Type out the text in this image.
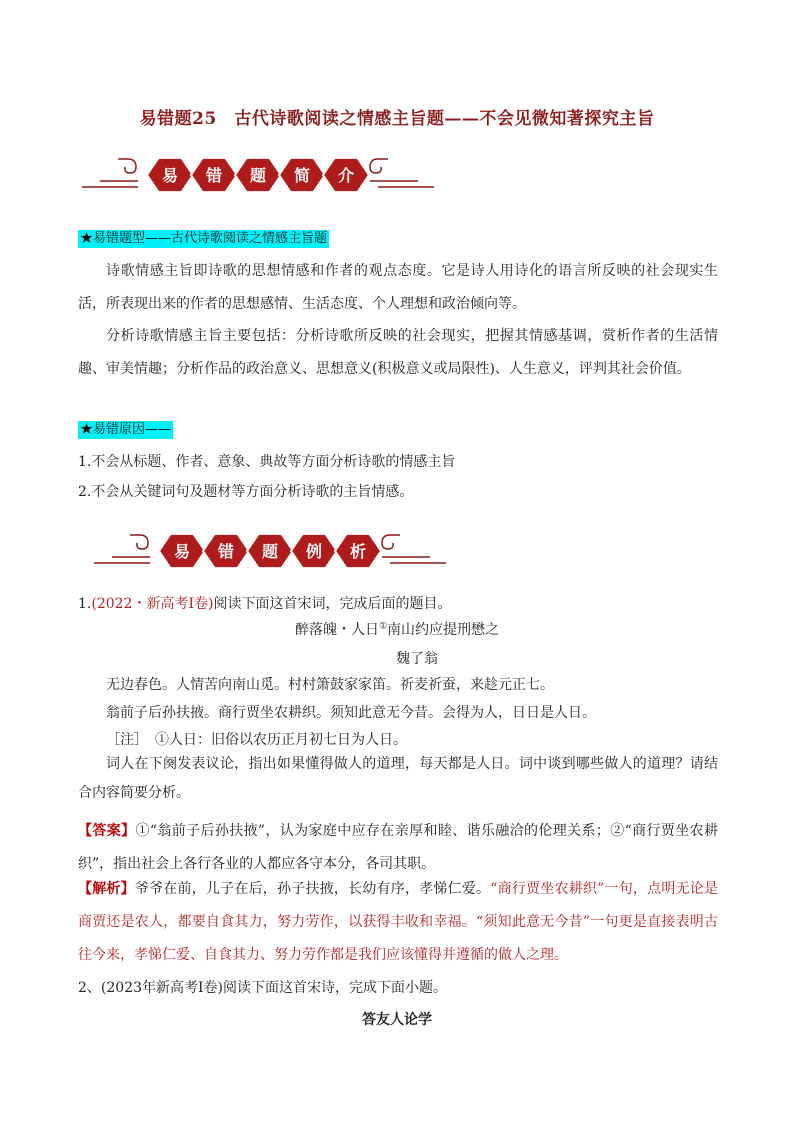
易错题25　古代诗歌阅读之情感主旨题——不会见微知著探究主旨
易 错 题 简 介
★易错题型——古代诗歌阅读之情感主旨题
诗歌情感主旨即诗歌的思想情感和作者的观点态度。它是诗人用诗化的语言所反映的社会现实生活，所表现出来的作者的思想感情、生活态度、个人理想和政治倾向等。
分析诗歌情感主旨主要包括：分析诗歌所反映的社会现实，把握其情感基调，赏析作者的生活情趣、审美情趣；分析作品的政治意义、思想意义(积极意义或局限性)、人生意义，评判其社会价值。
★易错原因——
1.不会从标题、作者、意象、典故等方面分析诗歌的情感主旨
2.不会从关键词句及题材等方面分析诗歌的主旨情感。
易 错 题 例 析
1.(2022・新高考Ⅰ卷)阅读下面这首宋词，完成后面的题目。
醉落魄・人日①南山约应提刑懋之
魏了翁
无边春色。人情苦向南山觅。村村箫鼓家家笛。祈麦祈蚕，来趁元正七。
翁前子后孙扶掖。商行贾坐农耕织。须知此意无今昔。会得为人，日日是人日。
［注］　①人日：旧俗以农历正月初七日为人日。
词人在下阕发表议论，指出如果懂得做人的道理，每天都是人日。词中谈到哪些做人的道理？请结合内容简要分析。
【答案】①“翁前子后孙扶掖”，认为家庭中应存在亲厚和睦、谐乐融洽的伦理关系；②“商行贾坐农耕织”，指出社会上各行各业的人都应各守本分，各司其职。
【解析】爷爷在前，儿子在后，孙子扶掖，长幼有序，孝悌仁爱。“商行贾坐农耕织”一句，点明无论是商贾还是农人，都要自食其力，努力劳作，以获得丰收和幸福。“须知此意无今昔”一句更是直接表明古往今来，孝悌仁爱、自食其力、努力劳作都是我们应该懂得并遵循的做人之理。
2、(2023年新高考Ⅰ卷)阅读下面这首宋诗，完成下面小题。
答友人论学
